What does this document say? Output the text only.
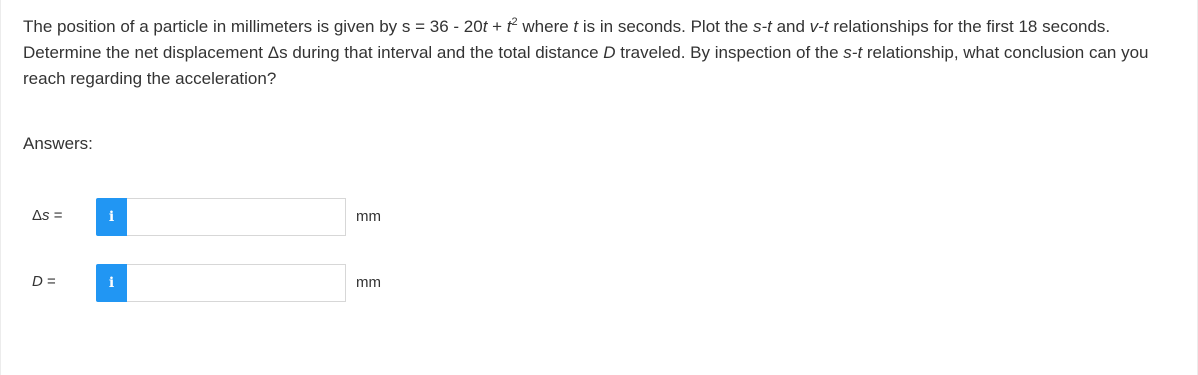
The position of a particle in millimeters is given by $s = 36 - 20t + t^2$ where t is in seconds. Plot the s-t and v-t relationships for the first 18 seconds. Determine the net displacement Δs during that interval and the total distance D traveled. By inspection of the s-t relationship, what conclusion can you reach regarding the acceleration?
Answers:
Δs =	i	mm
D =	i	mm
